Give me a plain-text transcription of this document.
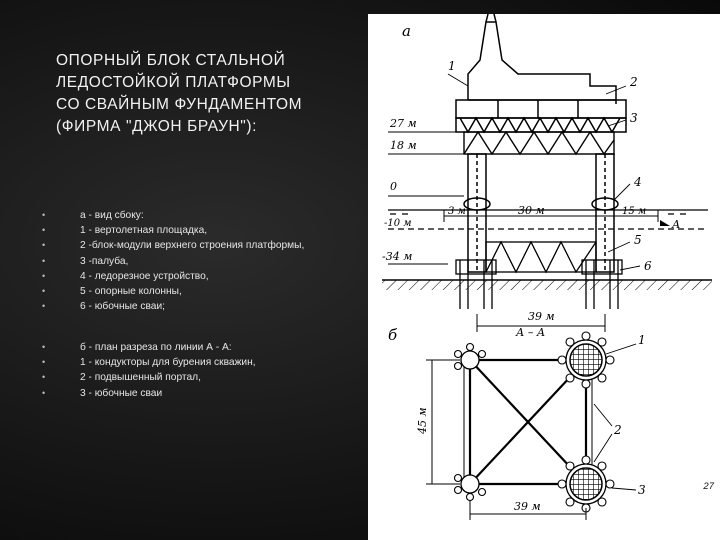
ОПОРНЫЙ БЛОК СТАЛЬНОЙ
ЛЕДОСТОЙКОЙ ПЛАТФОРМЫ
СО СВАЙНЫМ ФУНДАМЕНТОМ
(ФИРМА "ДЖОН БРАУН"):
•	а - вид сбоку:
•	1 - вертолетная площадка,
•	2 -блок-модули верхнего строения платформы,
•	3 -палуба,
•	4 - ледорезное устройство,
•	5 - опорные колонны,
•	6 - юбочные сваи;
•	б - план разреза по линии А - А:
•	1 - кондукторы для бурения скважин,
•	2 - подвышенный портал,
•	3 - юбочные сваи
а
27 м
18 м
0
-10 м
-34 м
3 м	30 м	15 м
А
39 м
А – А
1
2
3
4
5
6
б
45 м
39 м
1
2
3	27
